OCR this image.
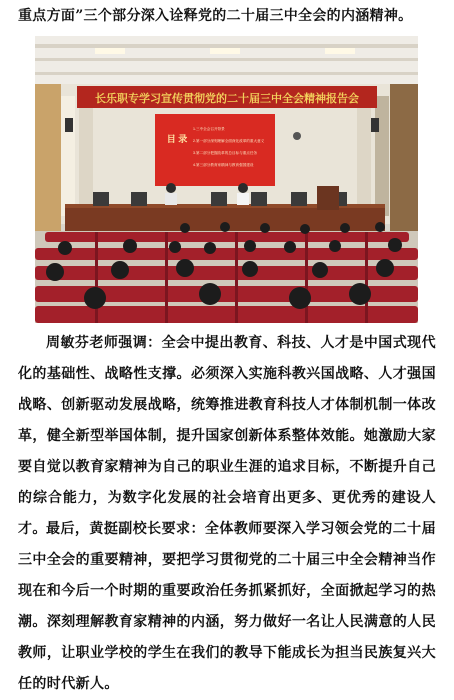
重点方面”三个部分深入诠释党的二十届三中全会的内涵精神。
长乐职专学习宣传贯彻党的二十届三中全会精神报告会
目 录
1.三中全会召开背景
2.第一部分深刻理解全面深化改革的重大意义
3.第二部分把握改革的总目标与重点任务
4.第三部分教育家精神与教育强国建设
周敏芬老师强调：全会中提出教育、科技、人才是中国式现代化的基础性、战略性支撑。必须深入实施科教兴国战略、人才强国战略、创新驱动发展战略，统筹推进教育科技人才体制机制一体改革，健全新型举国体制，提升国家创新体系整体效能。她激励大家要自觉以教育家精神为自己的职业生涯的追求目标，不断提升自己的综合能力，为数字化发展的社会培育出更多、更优秀的建设人才。 最后，黄挺副校长要求：全体教师要深入学习领会党的二十届三中全会的重要精神，要把学习贯彻党的二十届三中全会精神当作现在和今后一个时期的重要政治任务抓紧抓好，全面掀起学习的热潮。深刻理解教育家精神的内涵，努力做好一名让人民满意的人民教师，让职业学校的学生在我们的教导下能成长为担当民族复兴大任的时代新人。
